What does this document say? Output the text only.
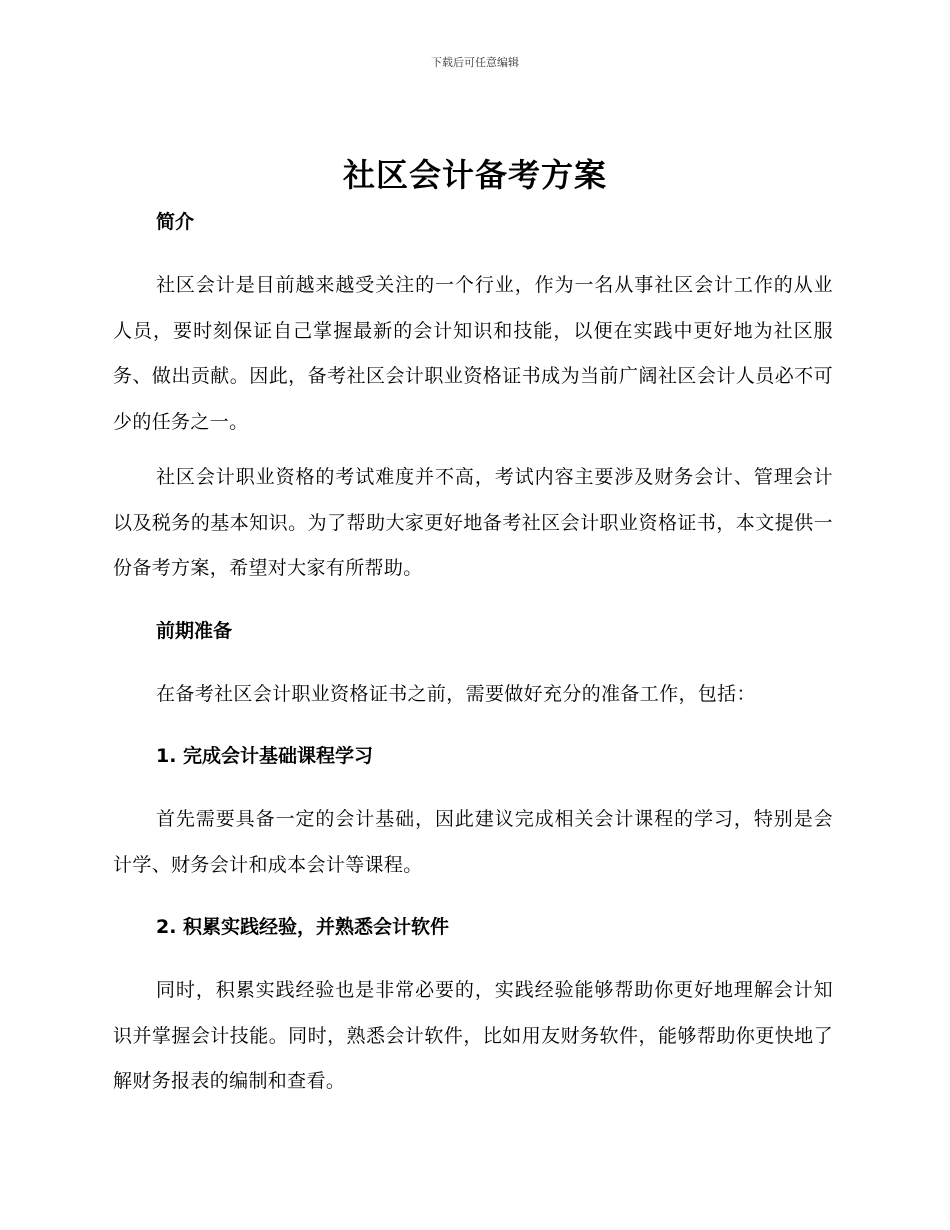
下载后可任意编辑
社区会计备考方案

简介

社区会计是目前越来越受关注的一个行业，作为一名从事社区会计工作的从业人员，要时刻保证自己掌握最新的会计知识和技能，以便在实践中更好地为社区服务、做出贡献。因此，备考社区会计职业资格证书成为当前广阔社区会计人员必不可少的任务之一。

社区会计职业资格的考试难度并不高，考试内容主要涉及财务会计、管理会计以及税务的基本知识。为了帮助大家更好地备考社区会计职业资格证书，本文提供一份备考方案，希望对大家有所帮助。

前期准备

在备考社区会计职业资格证书之前，需要做好充分的准备工作，包括：

1. 完成会计基础课程学习

首先需要具备一定的会计基础，因此建议完成相关会计课程的学习，特别是会计学、财务会计和成本会计等课程。

2. 积累实践经验，并熟悉会计软件

同时，积累实践经验也是非常必要的，实践经验能够帮助你更好地理解会计知识并掌握会计技能。同时，熟悉会计软件，比如用友财务软件，能够帮助你更快地了解财务报表的编制和查看。
